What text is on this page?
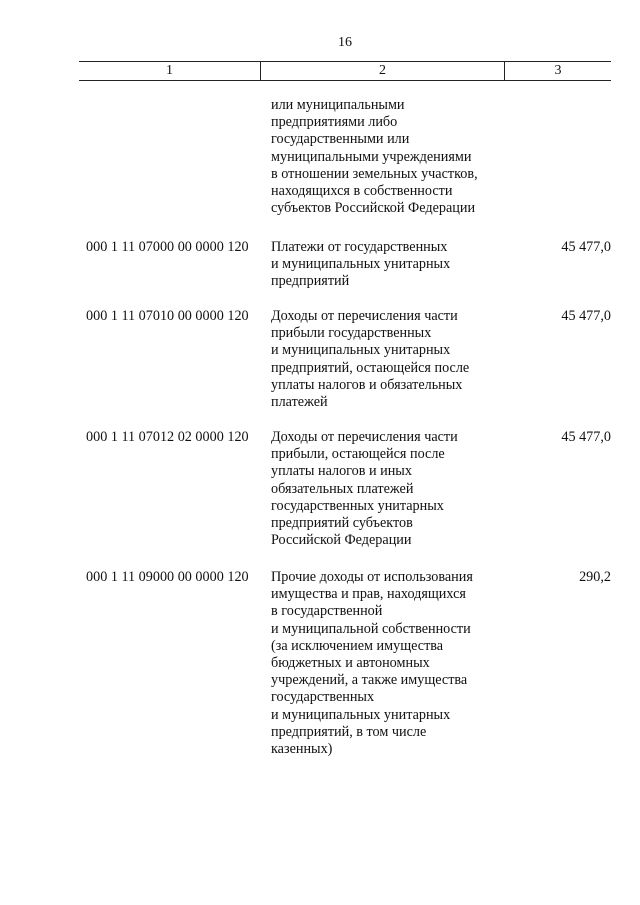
16
1	2	3
или муниципальными
предприятиями либо
государственными или
муниципальными учреждениями
в отношении земельных участков,
находящихся в собственности
субъектов Российской Федерации
000 1 11 07000 00 0000 120 Платежи от государственных
и муниципальных унитарных
предприятий
45 477,0
000 1 11 07010 00 0000 120 Доходы от перечисления части
прибыли государственных
и муниципальных унитарных
предприятий, остающейся после
уплаты налогов и обязательных
платежей
45 477,0
000 1 11 07012 02 0000 120 Доходы от перечисления части
прибыли, остающейся после
уплаты налогов и иных
обязательных платежей
государственных унитарных
предприятий субъектов
Российской Федерации
45 477,0
000 1 11 09000 00 0000 120 Прочие доходы от использования
имущества и прав, находящихся
в государственной
и муниципальной собственности
(за исключением имущества
бюджетных и автономных
учреждений, а также имущества
государственных
и муниципальных унитарных
предприятий, в том числе
казенных)
290,2
